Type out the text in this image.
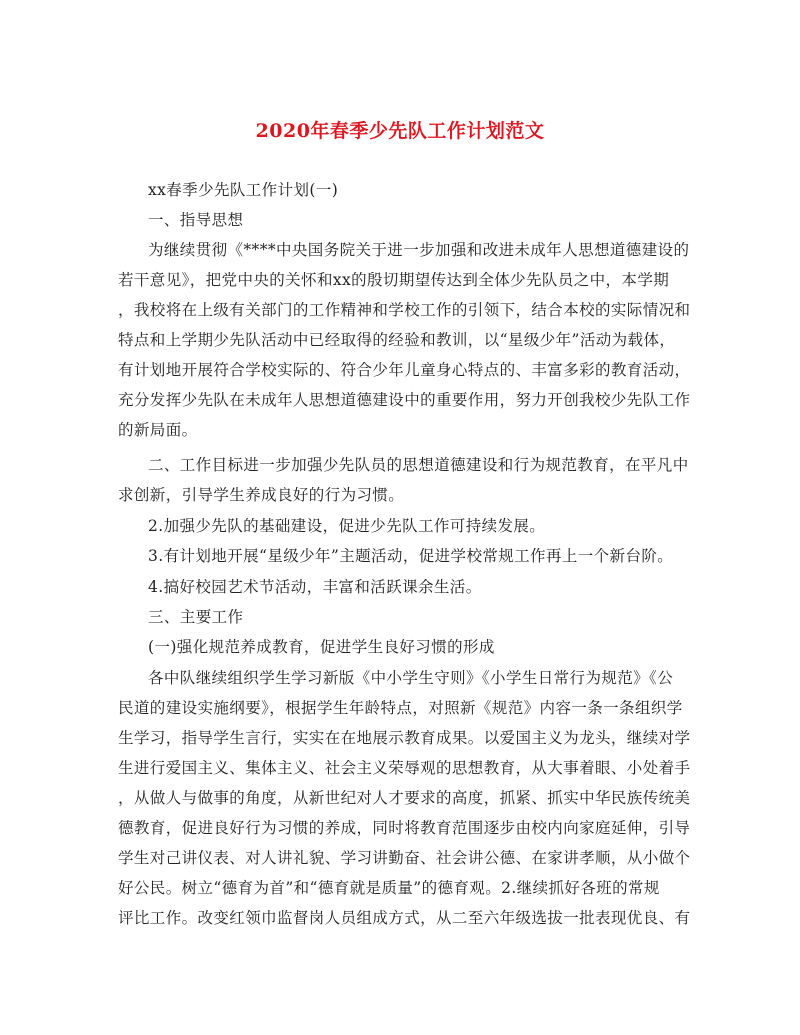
2020年春季少先队工作计划范文
xx春季少先队工作计划(一)
一、指导思想
为继续贯彻《****中央国务院关于进一步加强和改进未成年人思想道德建设的
若干意见》，把党中央的关怀和xx的殷切期望传达到全体少先队员之中，本学期
，我校将在上级有关部门的工作精神和学校工作的引领下，结合本校的实际情况和
特点和上学期少先队活动中已经取得的经验和教训，以“星级少年”活动为载体，
有计划地开展符合学校实际的、符合少年儿童身心特点的、丰富多彩的教育活动，
充分发挥少先队在未成年人思想道德建设中的重要作用，努力开创我校少先队工作
的新局面。
二、工作目标进一步加强少先队员的思想道德建设和行为规范教育，在平凡中
求创新，引导学生养成良好的行为习惯。
2.加强少先队的基础建设，促进少先队工作可持续发展。
3.有计划地开展“星级少年”主题活动，促进学校常规工作再上一个新台阶。
4.搞好校园艺术节活动，丰富和活跃课余生活。
三、主要工作
(一)强化规范养成教育，促进学生良好习惯的形成
各中队继续组织学生学习新版《中小学生守则》《小学生日常行为规范》《公
民道的建设实施纲要》，根据学生年龄特点，对照新《规范》内容一条一条组织学
生学习，指导学生言行，实实在在地展示教育成果。以爱国主义为龙头，继续对学
生进行爱国主义、集体主义、社会主义荣辱观的思想教育，从大事着眼、小处着手
，从做人与做事的角度，从新世纪对人才要求的高度，抓紧、抓实中华民族传统美
德教育，促进良好行为习惯的养成，同时将教育范围逐步由校内向家庭延伸，引导
学生对己讲仪表、对人讲礼貌、学习讲勤奋、社会讲公德、在家讲孝顺，从小做个
好公民。树立“德育为首”和“德育就是质量”的德育观。2.继续抓好各班的常规
评比工作。改变红领巾监督岗人员组成方式，从二至六年级选拔一批表现优良、有
